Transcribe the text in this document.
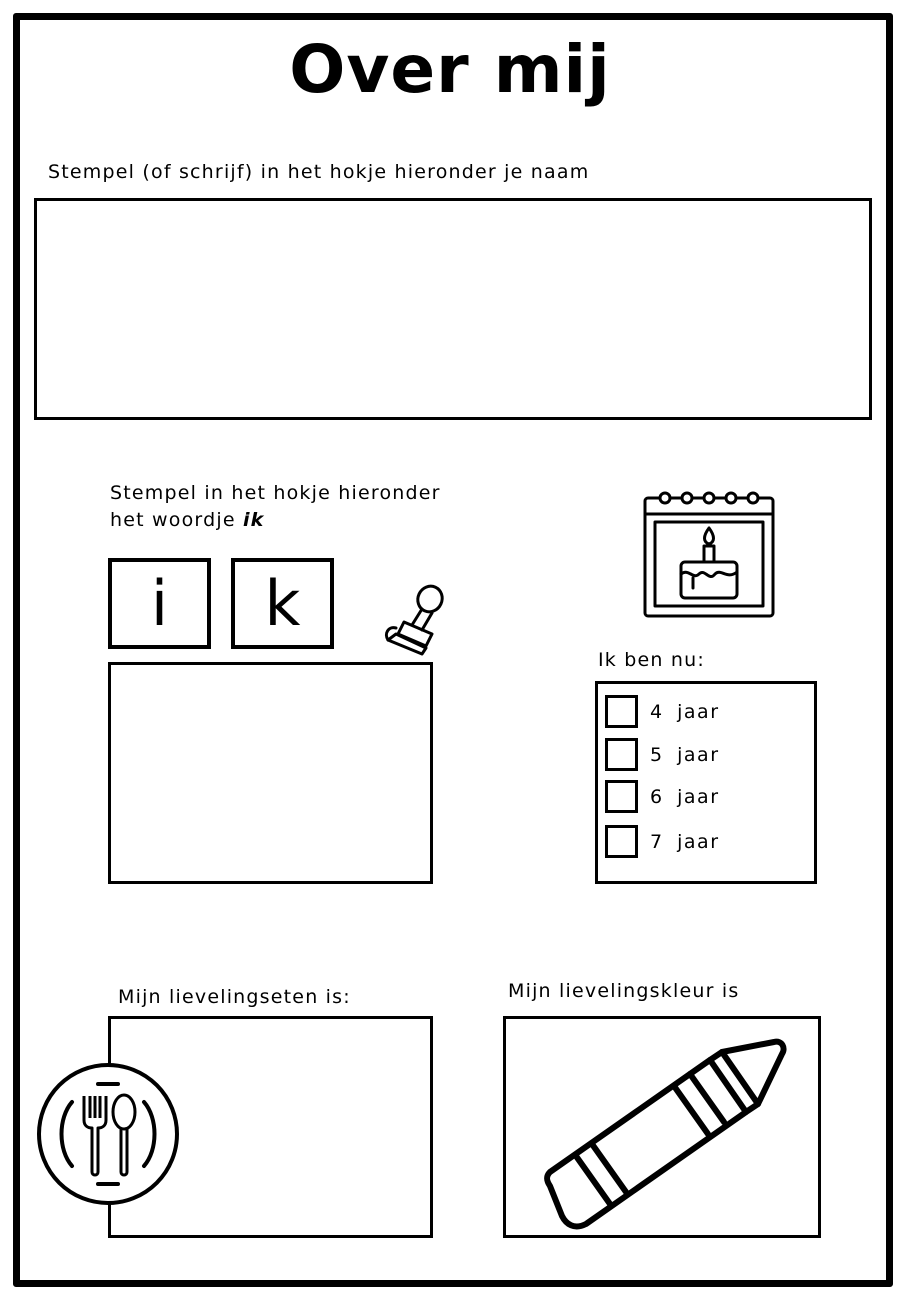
Over mij
Stempel (of schrijf) in het hokje hieronder je naam
Stempel in het hokje hieronder
het woordje ik
i k
Ik ben nu:
4 jaar
5 jaar
6 jaar
7 jaar
Mijn lievelingseten is:	Mijn lievelingskleur is
